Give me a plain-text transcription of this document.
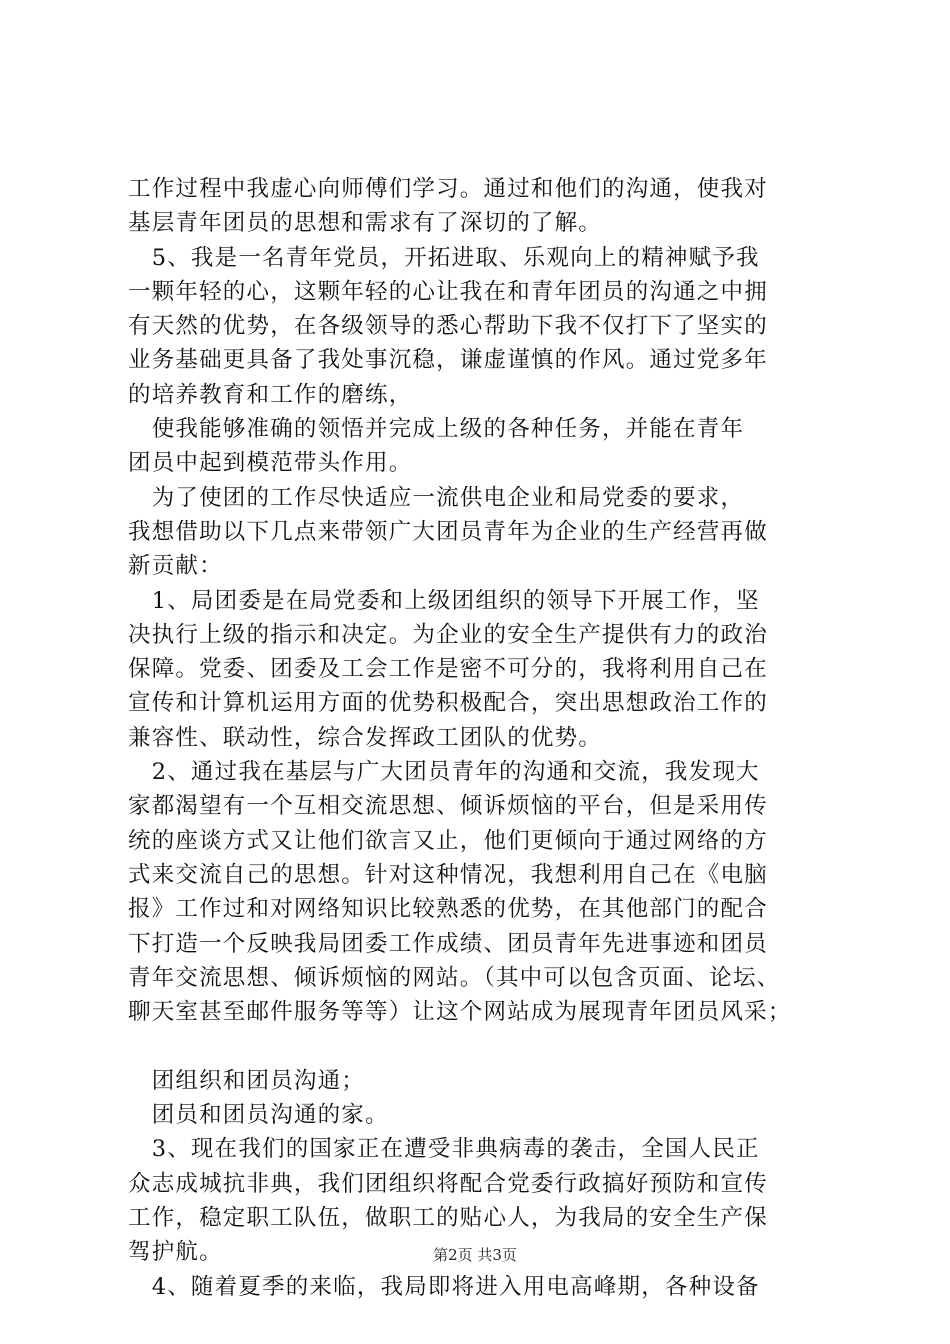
工作过程中我虚心向师傅们学习。通过和他们的沟通，使我对
基层青年团员的思想和需求有了深切的了解。
　5、我是一名青年党员，开拓进取、乐观向上的精神赋予我
一颗年轻的心，这颗年轻的心让我在和青年团员的沟通之中拥
有天然的优势，在各级领导的悉心帮助下我不仅打下了坚实的
业务基础更具备了我处事沉稳，谦虚谨慎的作风。通过党多年
的培养教育和工作的磨练，
　使我能够准确的领悟并完成上级的各种任务，并能在青年
团员中起到模范带头作用。
　为了使团的工作尽快适应一流供电企业和局党委的要求，
我想借助以下几点来带领广大团员青年为企业的生产经营再做
新贡献：
　1、局团委是在局党委和上级团组织的领导下开展工作，坚
决执行上级的指示和决定。为企业的安全生产提供有力的政治
保障。党委、团委及工会工作是密不可分的，我将利用自己在
宣传和计算机运用方面的优势积极配合，突出思想政治工作的
兼容性、联动性，综合发挥政工团队的优势。
　2、通过我在基层与广大团员青年的沟通和交流，我发现大
家都渴望有一个互相交流思想、倾诉烦恼的平台，但是采用传
统的座谈方式又让他们欲言又止，他们更倾向于通过网络的方
式来交流自己的思想。针对这种情况，我想利用自己在《电脑
报》工作过和对网络知识比较熟悉的优势，在其他部门的配合
下打造一个反映我局团委工作成绩、团员青年先进事迹和团员
青年交流思想、倾诉烦恼的网站。（其中可以包含页面、论坛、
聊天室甚至邮件服务等等）让这个网站成为展现青年团员风采；
　团组织和团员沟通；
　团员和团员沟通的家。
　3、现在我们的国家正在遭受非典病毒的袭击，全国人民正
众志成城抗非典，我们团组织将配合党委行政搞好预防和宣传
工作，稳定职工队伍，做职工的贴心人，为我局的安全生产保
驾护航。
　4、随着夏季的来临，我局即将进入用电高峰期，各种设备
第2页 共3页
